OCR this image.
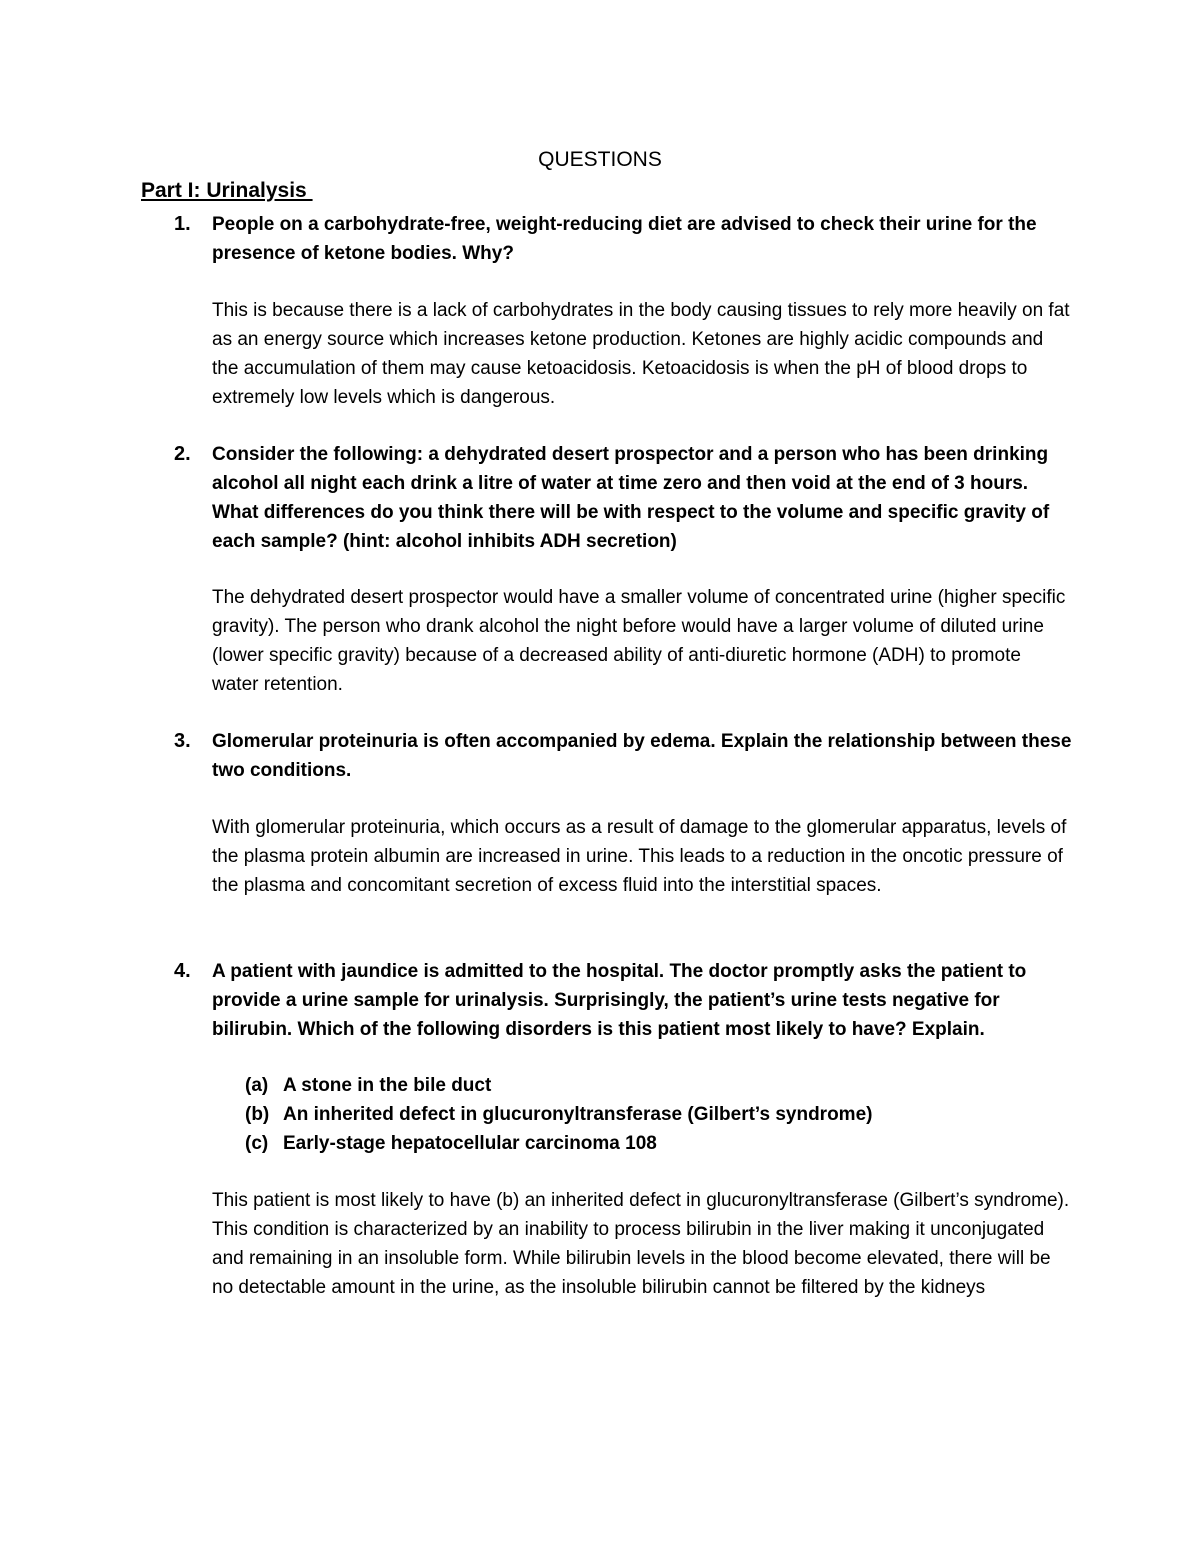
QUESTIONS
Part I: Urinalysis
1. People on a carbohydrate-free, weight-reducing diet are advised to check their urine for the presence of ketone bodies. Why?

This is because there is a lack of carbohydrates in the body causing tissues to rely more heavily on fat as an energy source which increases ketone production. Ketones are highly acidic compounds and the accumulation of them may cause ketoacidosis. Ketoacidosis is when the pH of blood drops to extremely low levels which is dangerous.

2. Consider the following: a dehydrated desert prospector and a person who has been drinking alcohol all night each drink a litre of water at time zero and then void at the end of 3 hours. What differences do you think there will be with respect to the volume and specific gravity of each sample? (hint: alcohol inhibits ADH secretion)

The dehydrated desert prospector would have a smaller volume of concentrated urine (higher specific gravity). The person who drank alcohol the night before would have a larger volume of diluted urine (lower specific gravity) because of a decreased ability of anti-diuretic hormone (ADH) to promote water retention.

3. Glomerular proteinuria is often accompanied by edema. Explain the relationship between these two conditions.

With glomerular proteinuria, which occurs as a result of damage to the glomerular apparatus, levels of the plasma protein albumin are increased in urine. This leads to a reduction in the oncotic pressure of the plasma and concomitant secretion of excess fluid into the interstitial spaces.

4. A patient with jaundice is admitted to the hospital. The doctor promptly asks the patient to provide a urine sample for urinalysis. Surprisingly, the patient’s urine tests negative for bilirubin. Which of the following disorders is this patient most likely to have? Explain.

(a) A stone in the bile duct
(b) An inherited defect in glucuronyltransferase (Gilbert’s syndrome)
(c) Early-stage hepatocellular carcinoma 108

This patient is most likely to have (b) an inherited defect in glucuronyltransferase (Gilbert’s syndrome). This condition is characterized by an inability to process bilirubin in the liver making it unconjugated and remaining in an insoluble form. While bilirubin levels in the blood become elevated, there will be no detectable amount in the urine, as the insoluble bilirubin cannot be filtered by the kidneys
